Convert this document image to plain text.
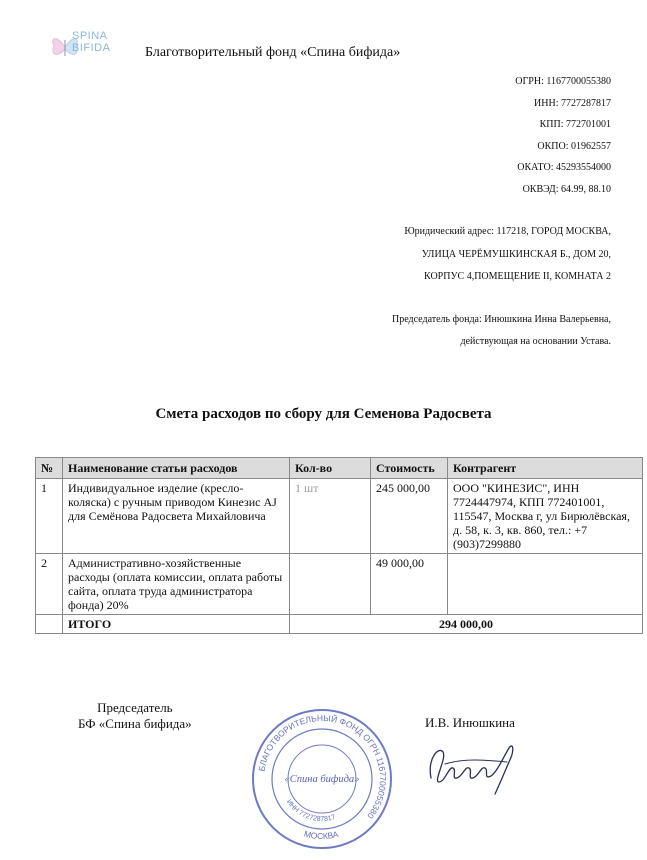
SPINA
BIFIDA Благотворительный фонд «Спина бифида»
ОГРН: 1167700055380
ИНН: 7727287817
КПП: 772701001
ОКПО: 01962557
ОКАТО: 45293554000
ОКВЭД: 64.99, 88.10
Юридический адрес: 117218, ГОРОД МОСКВА,
УЛИЦА ЧЕРЁМУШКИНСКАЯ Б., ДОМ 20,
КОРПУС 4,ПОМЕЩЕНИЕ II, КОМНАТА 2
Председатель фонда: Инюшкина Инна Валерьевна,
действующая на основании Устава.
Смета расходов по сбору для Семенова Радосвета
№	Наименование статьи расходов	Кол-во	Стоимость	Контрагент
1	Индивидуальное изделие (кресло-коляска) с ручным приводом Кинезис AJ для Семёнова Радосвета Михайловича	1 шт	245 000,00	ООО "КИНЕЗИС", ИНН 7724447974, КПП 772401001, 115547, Москва г, ул Бирюлёвская, д. 58, к. 3, кв. 860, тел.: +7 (903)7299880
2	Административно-хозяйственные расходы (оплата комиссии, оплата работы сайта, оплата труда администратора фонда) 20%		49 000,00	
	ИТОГО	294 000,00		
Председатель
БФ «Спина бифида»	И.В. Инюшкина
БЛАГОТВОРИТЕЛЬНЫЙ ФОНД ОГРН 1167700055380
ИНН 7727287817
МОСКВА
«Спина бифида»
